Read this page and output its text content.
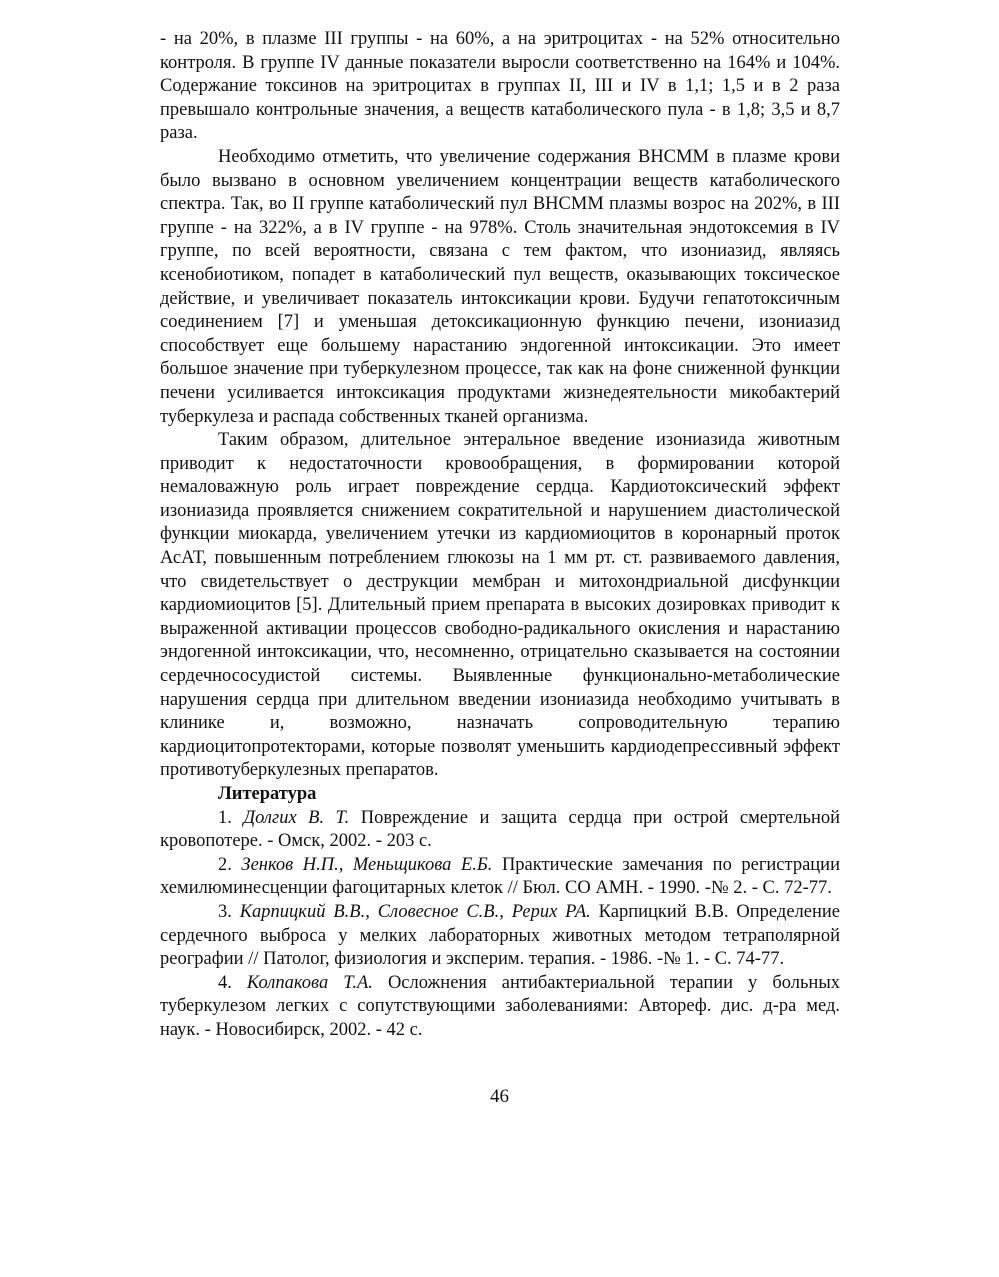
- на 20%, в плазме III группы - на 60%, а на эритроцитах - на 52% относительно контроля. В группе IV данные показатели выросли соответственно на 164% и 104%. Содержание токсинов на эритроцитах в группах II, III и IV в 1,1; 1,5 и в 2 раза превышало контрольные значения, а веществ катаболического пула - в 1,8; 3,5 и 8,7 раза.

Необходимо отметить, что увеличение содержания ВНСММ в плазме крови было вызвано в основном увеличением концентрации веществ катаболического спектра. Так, во II группе катаболический пул ВНСММ плазмы возрос на 202%, в III группе - на 322%, а в IV группе - на 978%. Столь значительная эндотоксемия в IV группе, по всей вероятности, связана с тем фактом, что изониазид, являясь ксенобиотиком, попадет в катаболический пул веществ, оказывающих токсическое действие, и увеличивает показатель интоксикации крови. Будучи гепатотоксичным соединением [7] и уменьшая детоксикационную функцию печени, изониазид способствует еще большему нарастанию эндогенной интоксикации. Это имеет большое значение при туберкулезном процессе, так как на фоне сниженной функции печени усиливается интоксикация продуктами жизнедеятельности микобактерий туберкулеза и распада собственных тканей организма.

Таким образом, длительное энтеральное введение изониазида животным приводит к недостаточности кровообращения, в формировании которой немаловажную роль играет повреждение сердца. Кардиотоксический эффект изониазида проявляется снижением сократительной и нарушением диастолической функции миокарда, увеличением утечки из кардиомиоцитов в коронарный проток АсАТ, повышенным потреблением глюкозы на 1 мм рт. ст. развиваемого давления, что свидетельствует о деструкции мембран и митохондриальной дисфункции кардиомиоцитов [5]. Длительный прием препарата в высоких дозировках приводит к выраженной активации процессов свободно-радикального окисления и нарастанию эндогенной интоксикации, что, несомненно, отрицательно сказывается на состоянии сердечнососудистой системы. Выявленные функционально-метаболические нарушения сердца при длительном введении изониазида необходимо учитывать в клинике и, возможно, назначать сопроводительную терапию кардиоцитопротекторами, которые позволят уменьшить кардиодепрессивный эффект противотуберкулезных препаратов.

Литература

1. Долгих В. Т. Повреждение и защита сердца при острой смертельной кровопотере. - Омск, 2002. - 203 с.

2. Зенков Н.П., Меньщикова Е.Б. Практические замечания по регистрации хемилюминесценции фагоцитарных клеток // Бюл. СО АМН. - 1990. -№ 2. - С. 72-77.

3. Карпицкий В.В., Словесное С.В., Рерих РА. Карпицкий В.В. Определение сердечного выброса у мелких лабораторных животных методом тетраполярной реографии // Патолог, физиология и эксперим. терапия. - 1986. -№ 1. - С. 74-77.

4. Колпакова Т.А. Осложнения антибактериальной терапии у больных туберкулезом легких с сопутствующими заболеваниями: Автореф. дис. д-ра мед. наук. - Новосибирск, 2002. - 42 с.

46
